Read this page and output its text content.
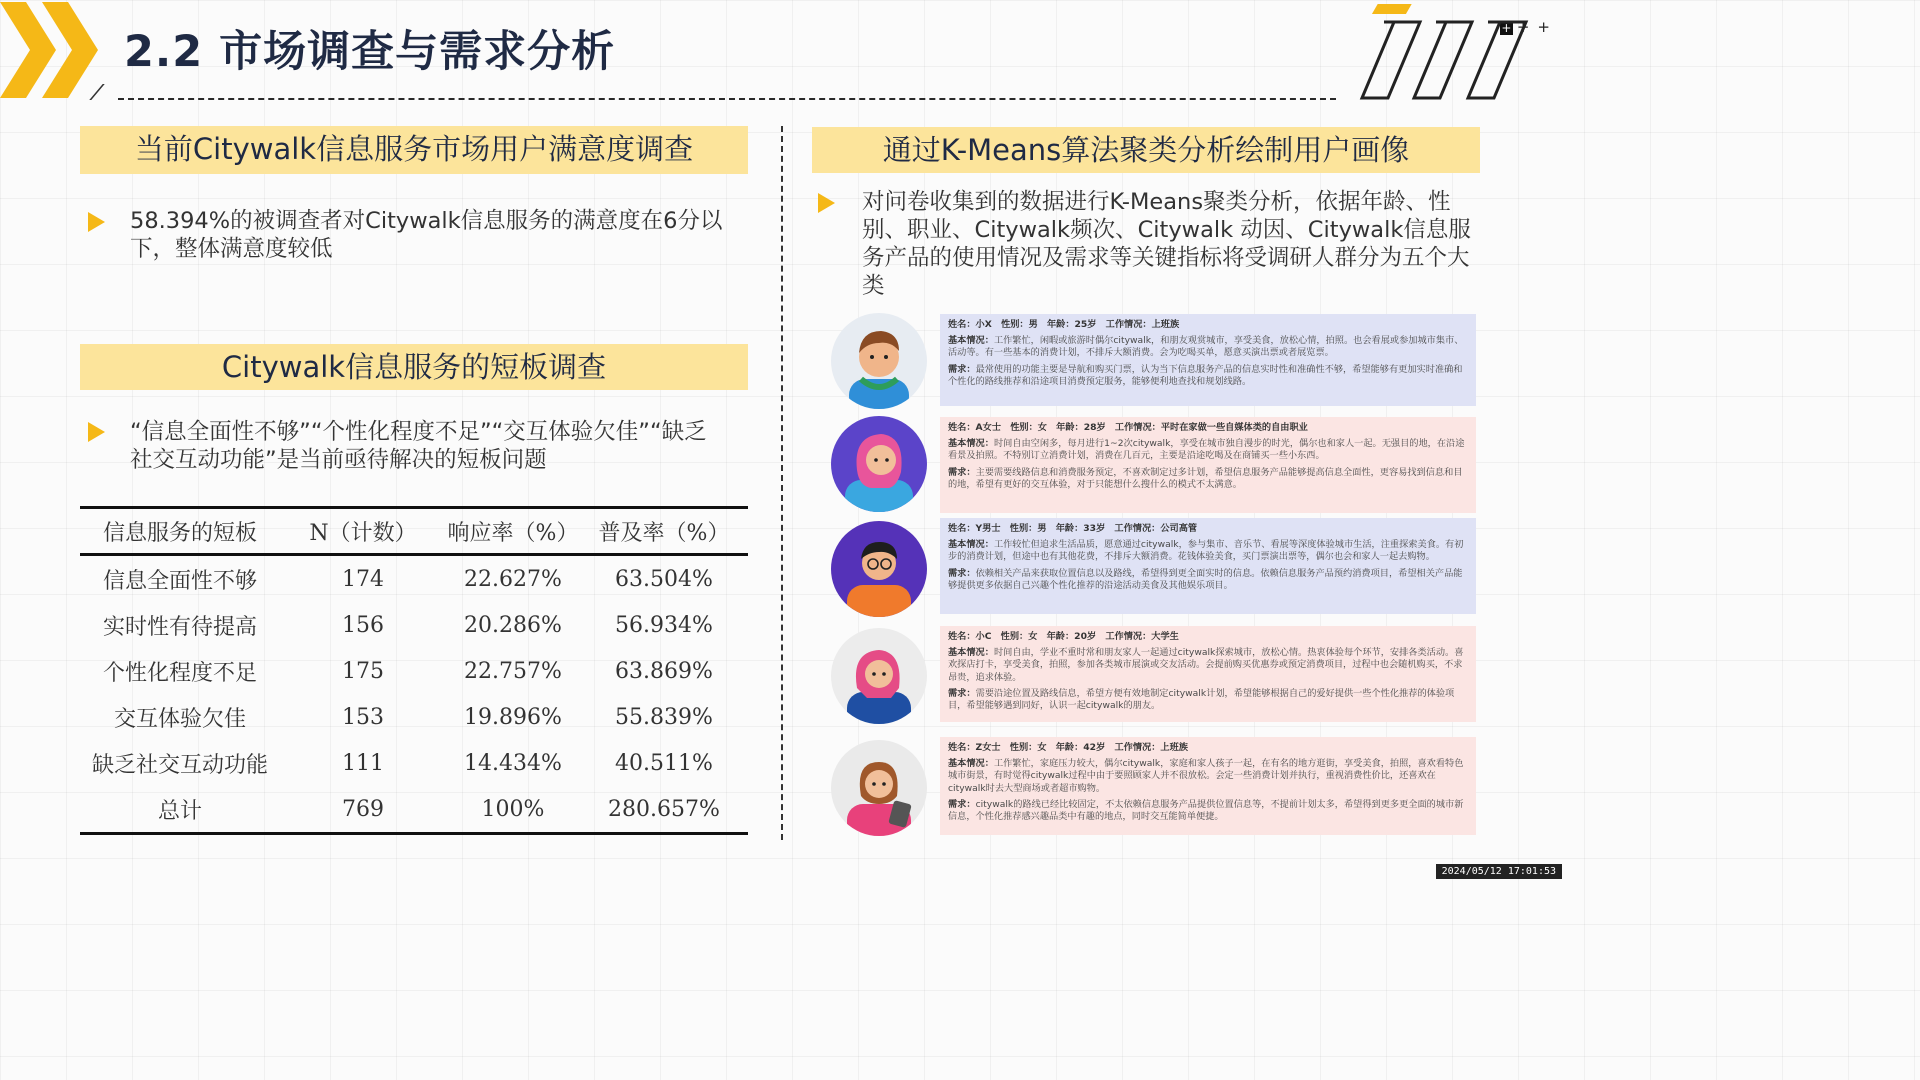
+ ++
2.2 市场调查与需求分析
当前Citywalk信息服务市场用户满意度调查
58.394%的被调查者对Citywalk信息服务的满意度在6分以下，整体满意度较低
Citywalk信息服务的短板调查
“信息全面性不够”“个性化程度不足”“交互体验欠佳”“缺乏社交互动功能”是当前亟待解决的短板问题
信息服务的短板	N（计数）	响应率（%）	普及率（%）
信息全面性不够	174	22.627%	63.504%
实时性有待提高	156	20.286%	56.934%
个性化程度不足	175	22.757%	63.869%
交互体验欠佳	153	19.896%	55.839%
缺乏社交互动功能	111	14.434%	40.511%
总计	769	100%	280.657%
通过K-Means算法聚类分析绘制用户画像
对问卷收集到的数据进行K-Means聚类分析，依据年龄、性别、职业、Citywalk频次、Citywalk 动因、Citywalk信息服务产品的使用情况及需求等关键指标将受调研人群分为五个大类
姓名：小X　性别：男　年龄：25岁　工作情况：上班族
基本情况：工作繁忙，闲暇或旅游时偶尔citywalk，和朋友观赏城市，享受美食，放松心情，拍照。也会看展或参加城市集市、活动等。有一些基本的消费计划，不排斥大额消费。会为吃喝买单，愿意买演出票或者展览票。
需求：最常使用的功能主要是导航和购买门票，认为当下信息服务产品的信息实时性和准确性不够，希望能够有更加实时准确和个性化的路线推荐和沿途项目消费预定服务，能够便利地查找和规划线路。
姓名：A女士　性别：女　年龄：28岁　工作情况：平时在家做一些自媒体类的自由职业
基本情况：时间自由空闲多，每月进行1~2次citywalk，享受在城市独自漫步的时光，偶尔也和家人一起。无强目的地，在沿途看景及拍照。不特别订立消费计划，消费在几百元，主要是沿途吃喝及在商铺买一些小东西。
需求：主要需要线路信息和消费服务预定，不喜欢制定过多计划，希望信息服务产品能够提高信息全面性，更容易找到信息和目的地，希望有更好的交互体验，对于只能想什么搜什么的模式不太满意。
姓名：Y男士　性别：男　年龄：33岁　工作情况：公司高管
基本情况：工作较忙但追求生活品质，愿意通过citywalk，参与集市、音乐节、看展等深度体验城市生活，注重探索美食。有初步的消费计划，但途中也有其他花费，不排斥大额消费。花钱体验美食，买门票演出票等，偶尔也会和家人一起去购物。
需求：依赖相关产品来获取位置信息以及路线，希望得到更全面实时的信息。依赖信息服务产品预约消费项目，希望相关产品能够提供更多依据自己兴趣个性化推荐的沿途活动美食及其他娱乐项目。
姓名：小C　性别：女　年龄：20岁　工作情况：大学生
基本情况：时间自由，学业不重时常和朋友家人一起通过citywalk探索城市，放松心情。热衷体验每个环节，安排各类活动。喜欢探店打卡，享受美食，拍照，参加各类城市展演或交友活动。会提前购买优惠券或预定消费项目，过程中也会随机购买，不求昂贵，追求体验。
需求：需要沿途位置及路线信息，希望方便有效地制定citywalk计划，希望能够根据自己的爱好提供一些个性化推荐的体验项目，希望能够遇到同好，认识一起citywalk的朋友。
姓名：Z女士　性别：女　年龄：42岁　工作情况：上班族
基本情况：工作繁忙，家庭压力较大，偶尔citywalk，家庭和家人孩子一起，在有名的地方逛街，享受美食，拍照，喜欢看特色城市街景，有时觉得citywalk过程中由于要照顾家人并不很放松。会定一些消费计划并执行，重视消费性价比，还喜欢在citywalk时去大型商场或者超市购物。
需求：citywalk的路线已经比较固定，不太依赖信息服务产品提供位置信息等，不提前计划太多，希望得到更多更全面的城市新信息，个性化推荐感兴趣品类中有趣的地点，同时交互能简单便捷。
2024/05/12 17:01:53
